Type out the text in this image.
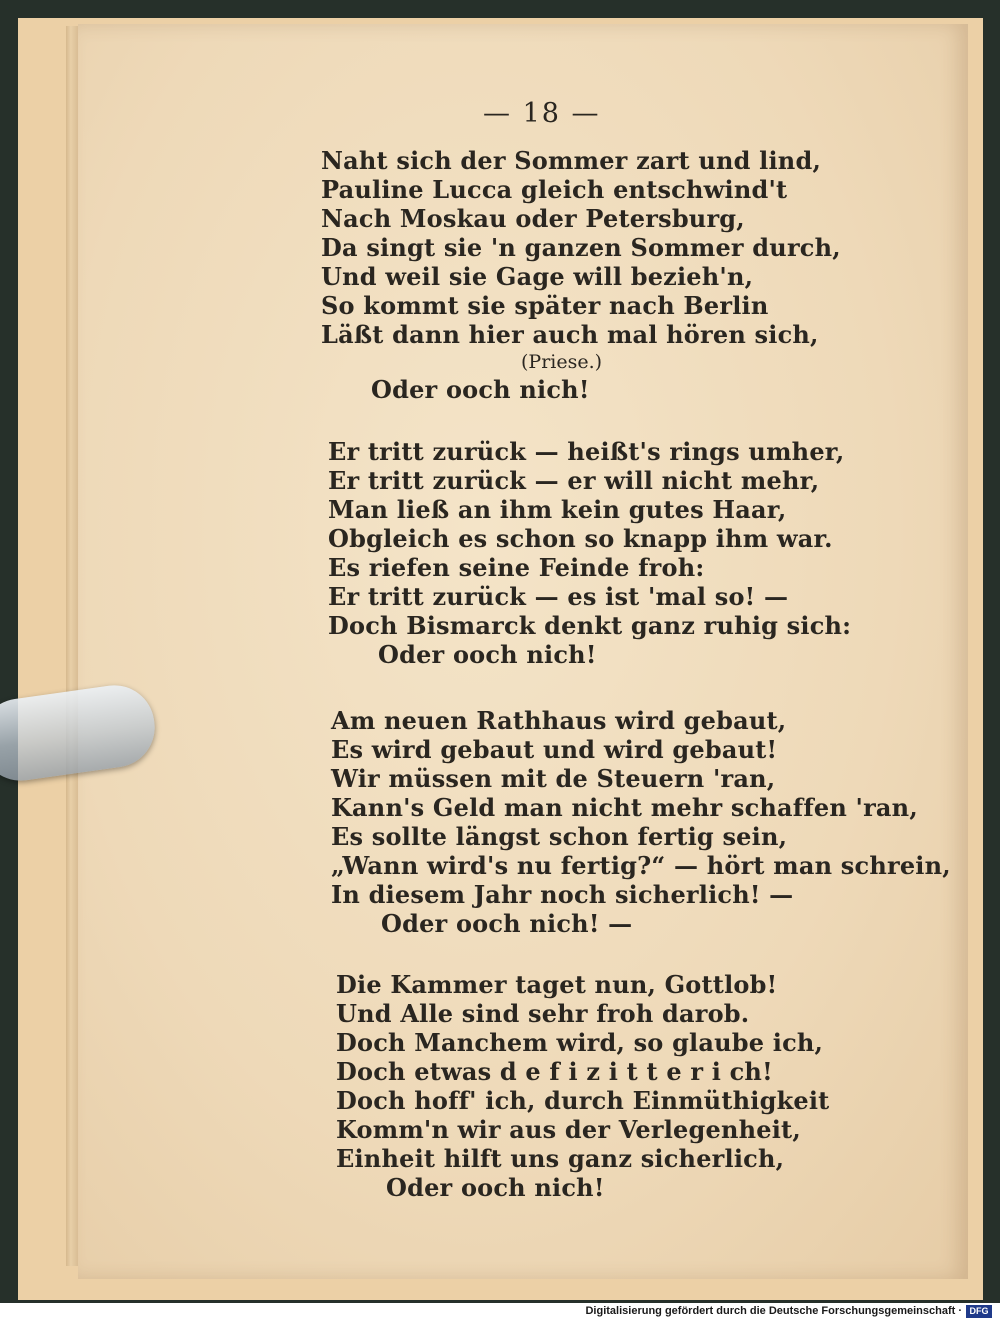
— 18 —
Naht sich der Sommer zart und lind,
Pauline Lucca gleich entschwind't
Nach Moskau oder Petersburg,
Da singt sie 'n ganzen Sommer durch,
Und weil sie Gage will bezieh'n,
So kommt sie später nach Berlin
Läßt dann hier auch mal hören sich,
(Priese.)
Oder ooch nich!
Er tritt zurück — heißt's rings umher,
Er tritt zurück — er will nicht mehr,
Man ließ an ihm kein gutes Haar,
Obgleich es schon so knapp ihm war.
Es riefen seine Feinde froh:
Er tritt zurück — es ist 'mal so! —
Doch Bismarck denkt ganz ruhig sich:
Oder ooch nich!
Am neuen Rathhaus wird gebaut,
Es wird gebaut und wird gebaut!
Wir müssen mit de Steuern 'ran,
Kann's Geld man nicht mehr schaffen 'ran,
Es sollte längst schon fertig sein,
„Wann wird's nu fertig?“ — hört man schrein,
In diesem Jahr noch sicherlich! —
Oder ooch nich! —
Die Kammer taget nun, Gottlob!
Und Alle sind sehr froh darob.
Doch Manchem wird, so glaube ich,
Doch etwas d e f i z i t t e r i ch!
Doch hoff' ich, durch Einmüthigkeit
Komm'n wir aus der Verlegenheit,
Einheit hilft uns ganz sicherlich,
Oder ooch nich!
Digitalisierung gefördert durch die Deutsche Forschungsgemeinschaft · DFG
